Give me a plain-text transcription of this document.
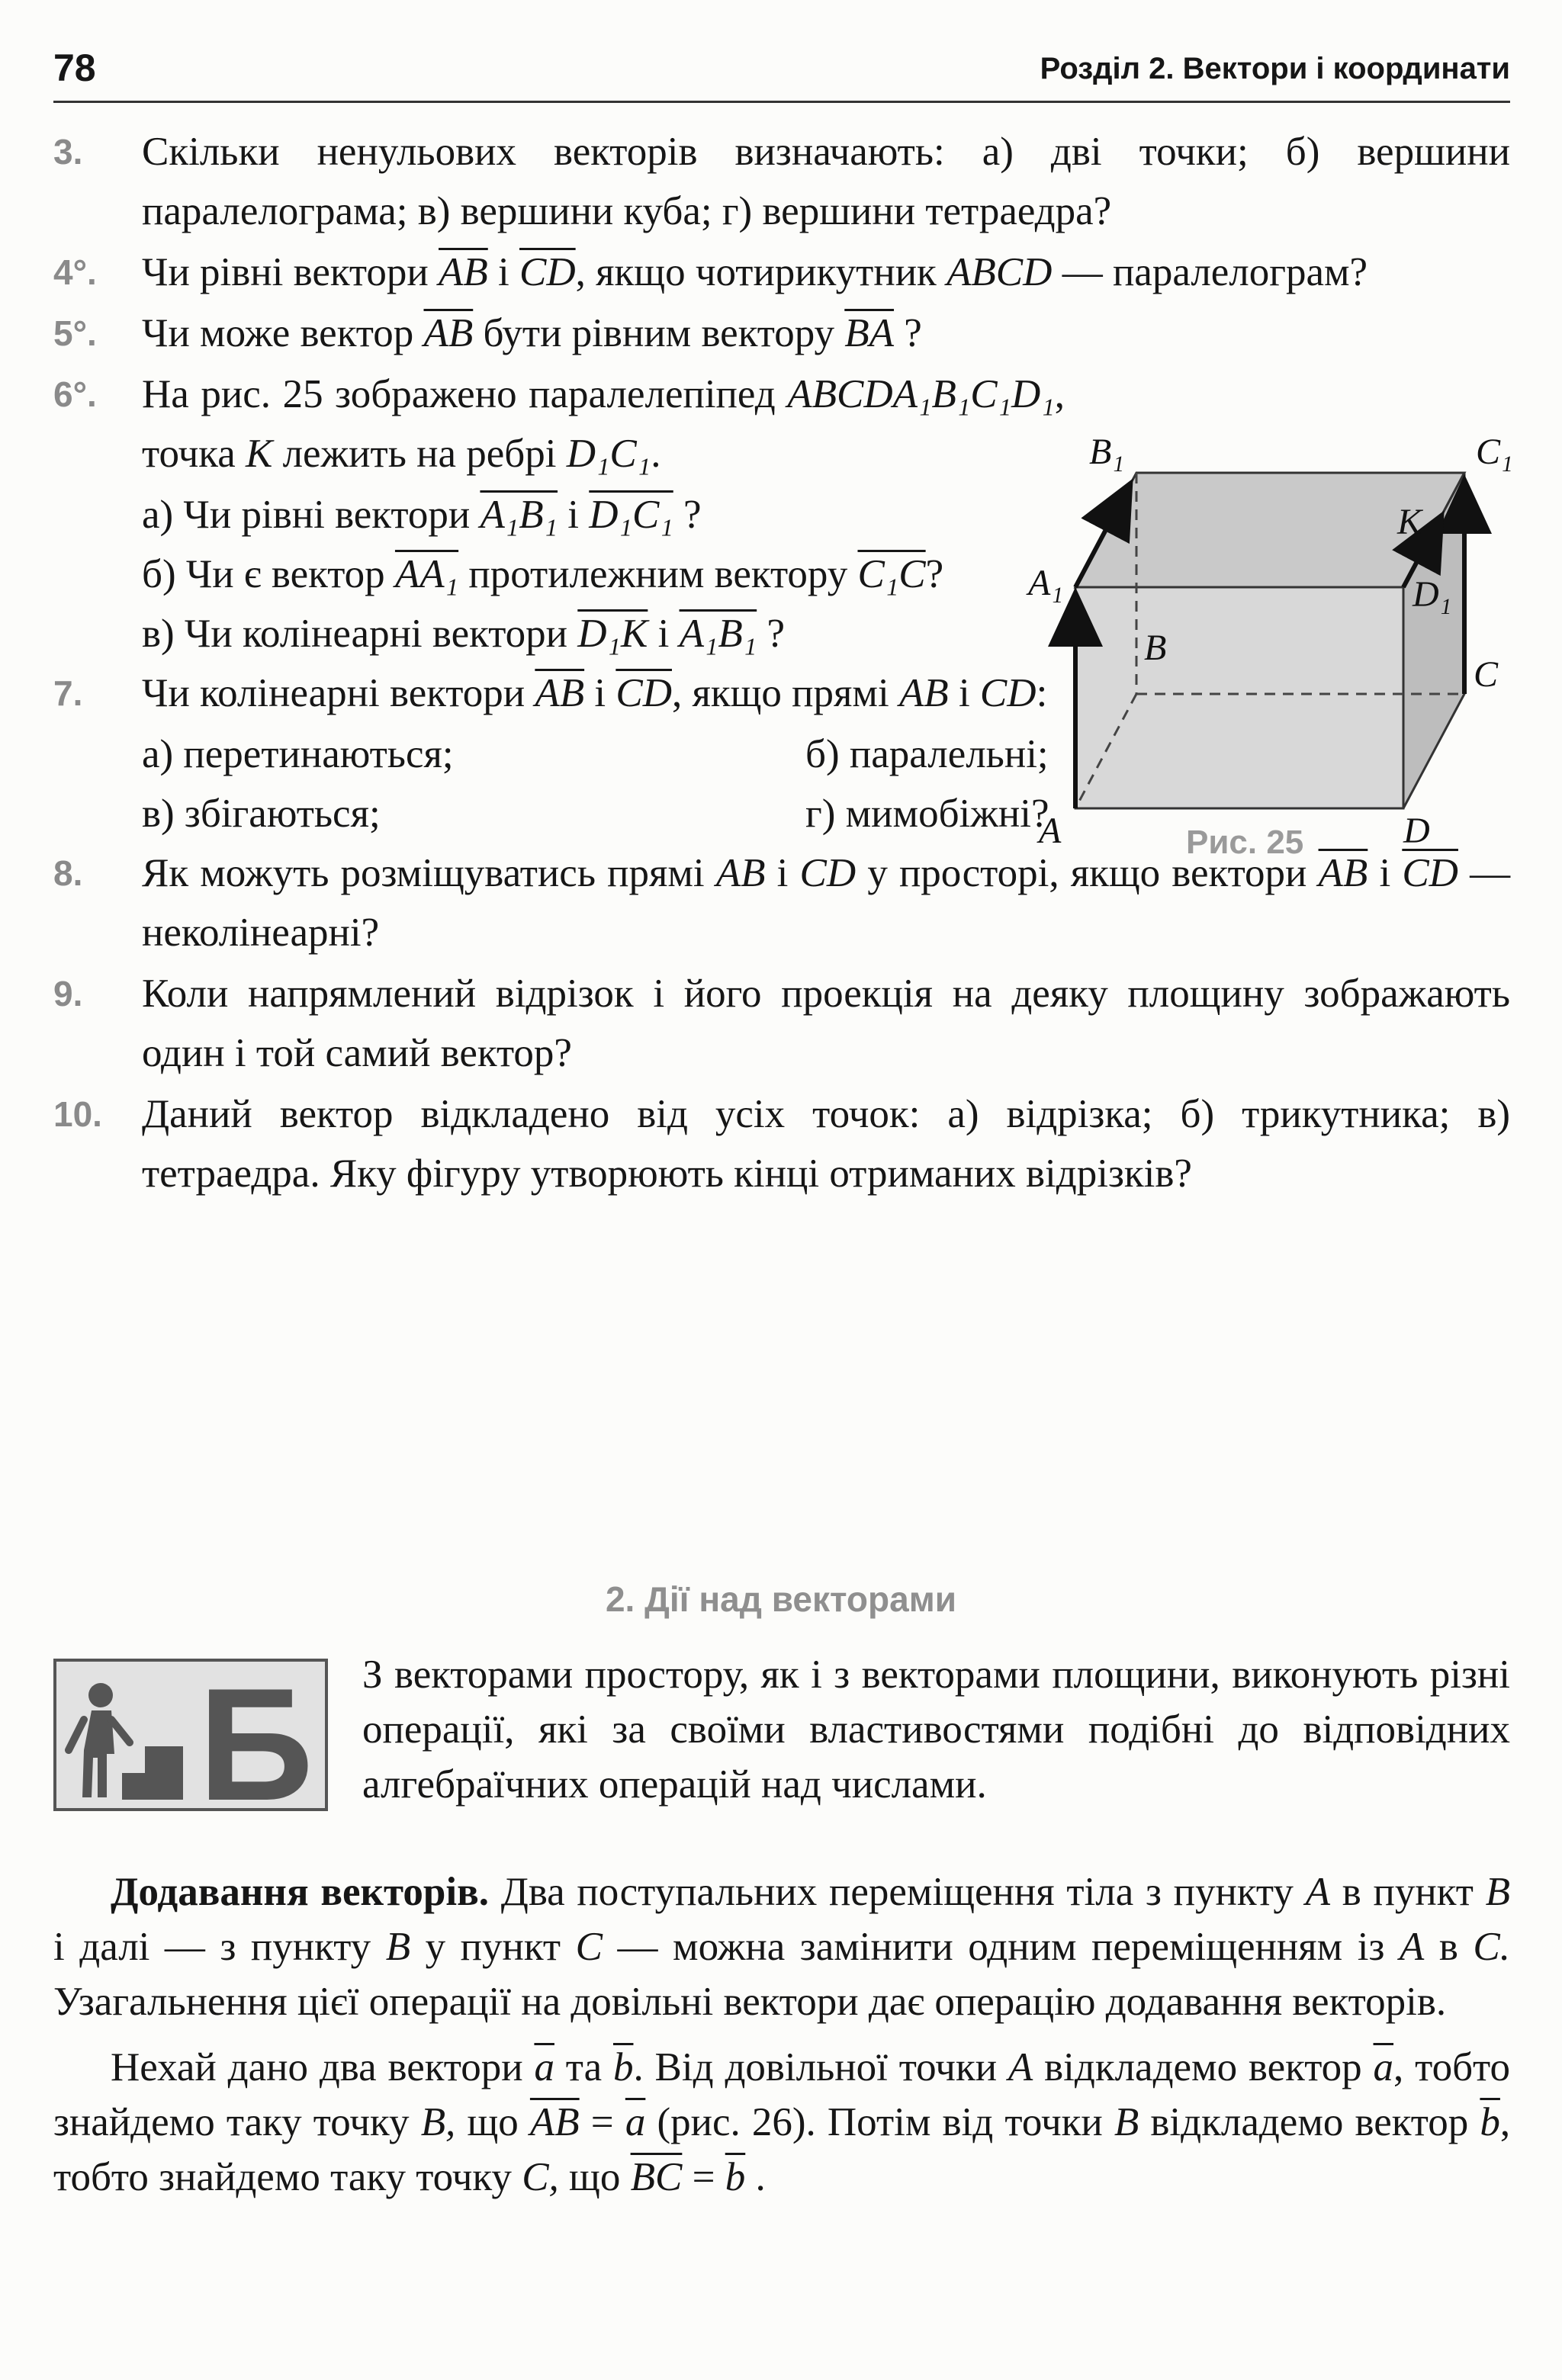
78	Розділ 2. Вектори і координати
3. Скільки ненульових векторів визначають: а) дві точки; б) вершини паралелограма; в) вершини куба; г) вершини тетраедра?
4°. Чи рівні вектори $\overline{AB}$ і $\overline{CD}$, якщо чотирикутник ABCD — паралелограм?
5°. Чи може вектор $\overline{AB}$ бути рівним вектору $\overline{BA}$ ?
6°. На рис. 25 зображено паралелепіпед ABCDA₁B₁C₁D₁, точка K лежить на ребрі D₁C₁.
а) Чи рівні вектори A₁B₁ і D₁C₁ ?
б) Чи є вектор AA₁ протилежним вектору C₁C?
в) Чи колінеарні вектори D₁K і A₁B₁ ?
7. Чи колінеарні вектори $\overline{AB}$ і $\overline{CD}$, якщо прямі AB і CD:
а) перетинаються;	б) паралельні;
в) збігаються;	г) мимобіжні?
8. Як можуть розміщуватись прямі AB і CD у просторі, якщо вектори $\overline{AB}$ і $\overline{CD}$ — неколінеарні?
9. Коли напрямлений відрізок і його проекція на деяку площину зображають один і той самий вектор?
10. Даний вектор відкладено від усіх точок: а) відрізка; б) трикутника; в) тетраедра. Яку фігуру утворюють кінці отриманих відрізків?
B₁	C₁
K
A₁	D₁
B
C
A	D
Рис. 25
2. Дії над векторами
Б З векторами простору, як і з векторами площини, виконують різні операції, які за своїми властивостями подібні до відповідних алгебраїчних операцій над числами.

Додавання векторів. Два поступальних переміщення тіла з пункту A в пункт B і далі — з пункту B у пункт C — можна замінити одним переміщенням із A в C. Узагальнення цієї операції на довільні вектори дає операцію додавання векторів.

Нехай дано два вектори $\overline{a}$ та $\overline{b}$. Від довільної точки A відкладемо вектор $\overline{a}$, тобто знайдемо таку точку B, що $\overline{AB} = \overline{a}$ (рис. 26). Потім від точки B відкладемо вектор $\overline{b}$, тобто знайдемо таку точку C, що $\overline{BC} = \overline{b}$ .
